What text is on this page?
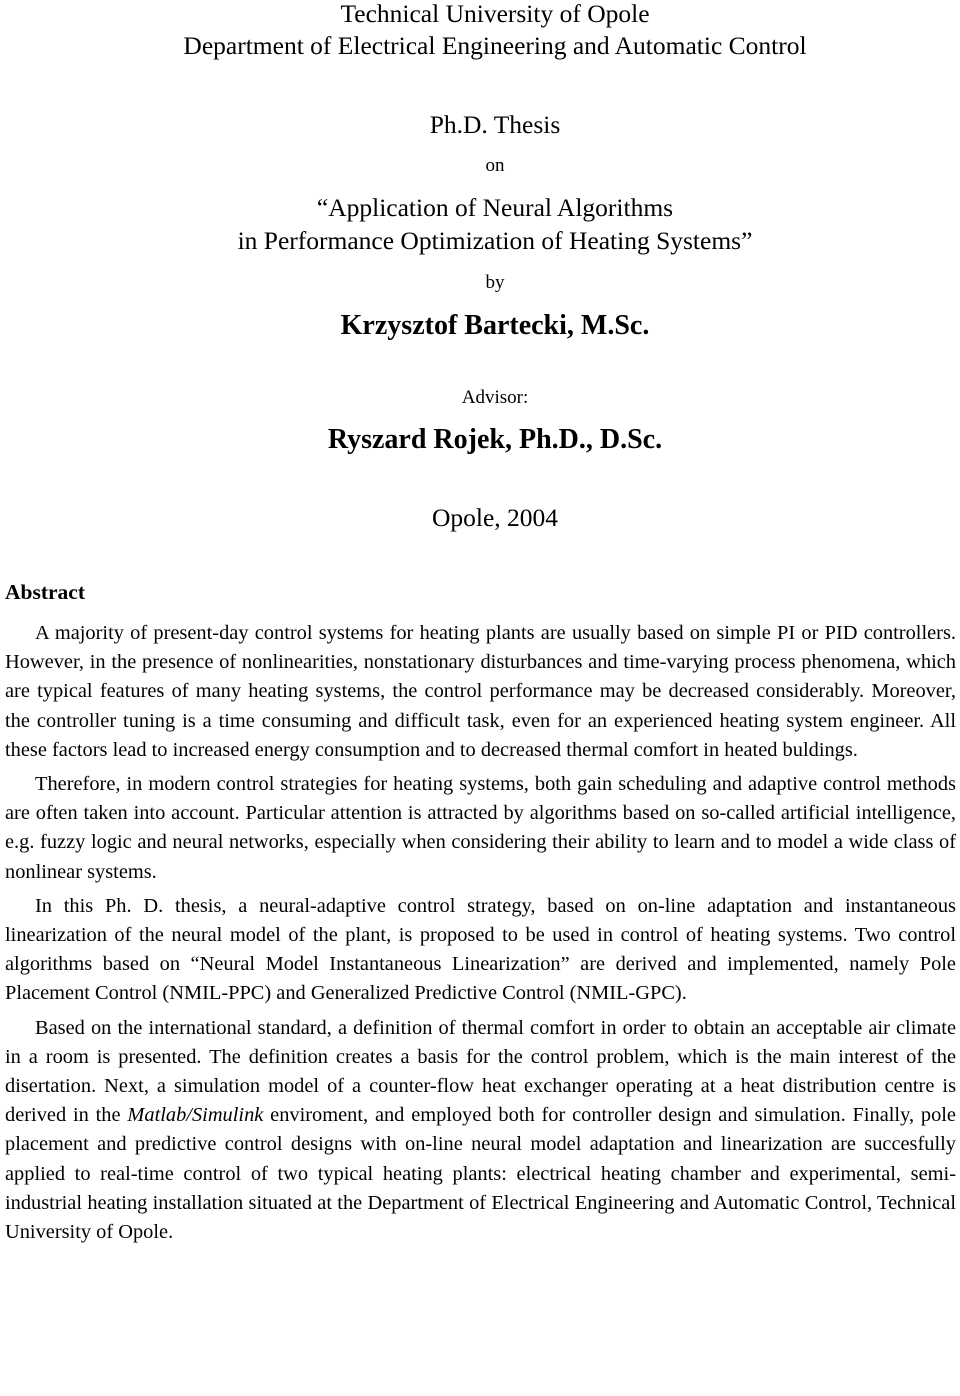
Technical University of Opole
Department of Electrical Engineering and Automatic Control
Ph.D. Thesis
on
“Application of Neural Algorithms
in Performance Optimization of Heating Systems”
by
Krzysztof Bartecki, M.Sc.
Advisor:
Ryszard Rojek, Ph.D., D.Sc.
Opole, 2004
Abstract

A majority of present-day control systems for heating plants are usually based on simple PI or PID controllers. However, in the presence of nonlinearities, nonstationary disturbances and time-varying process phenomena, which are typical features of many heating systems, the control performance may be decreased considerably. Moreover, the controller tuning is a time consuming and difficult task, even for an experienced heating system engineer. All these factors lead to increased energy consumption and to decreased thermal comfort in heated buldings.

Therefore, in modern control strategies for heating systems, both gain scheduling and adaptive control methods are often taken into account. Particular attention is attracted by algorithms based on so-called artificial intelligence, e.g. fuzzy logic and neural networks, especially when considering their ability to learn and to model a wide class of nonlinear systems.

In this Ph. D. thesis, a neural-adaptive control strategy, based on on-line adaptation and instantaneous linearization of the neural model of the plant, is proposed to be used in control of heating systems. Two control algorithms based on “Neural Model Instantaneous Linearization” are derived and implemented, namely Pole Placement Control (NMIL-PPC) and Generalized Predictive Control (NMIL-GPC).

Based on the international standard, a definition of thermal comfort in order to obtain an acceptable air climate in a room is presented. The definition creates a basis for the control problem, which is the main interest of the disertation. Next, a simulation model of a counter-flow heat exchanger operating at a heat distribution centre is derived in the Matlab/Simulink enviroment, and employed both for controller design and simulation. Finally, pole placement and predictive control designs with on-line neural model adaptation and linearization are succesfully applied to real-time control of two typical heating plants: electrical heating chamber and experimental, semi-industrial heating installation situated at the Department of Electrical Engineering and Automatic Control, Technical University of Opole.
